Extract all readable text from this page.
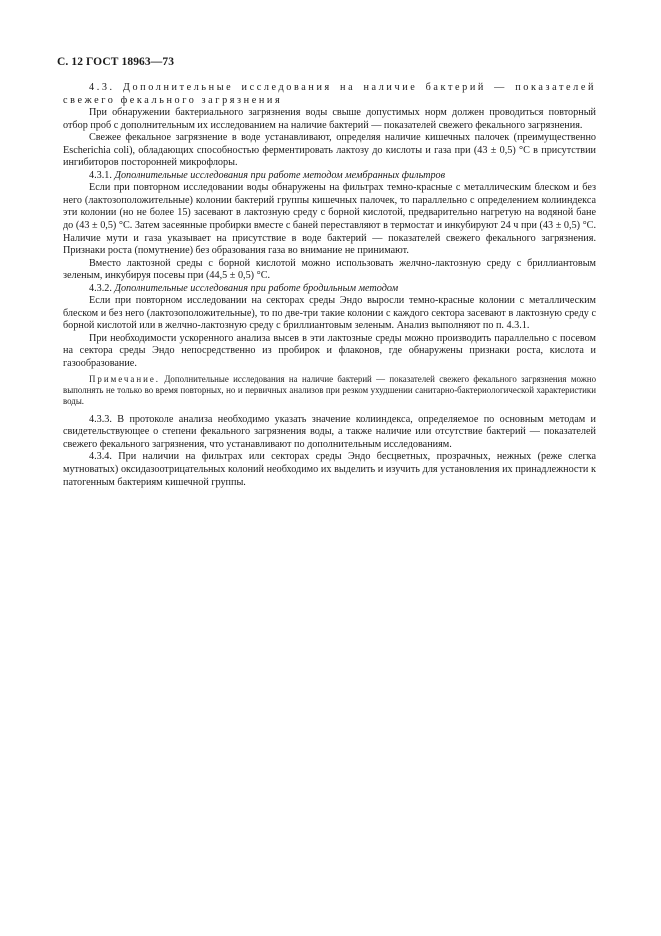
С. 12 ГОСТ 18963—73

4.3. Дополнительные исследования на наличие бактерий — показателей свежего фекального загрязнения

При обнаружении бактериального загрязнения воды свыше допустимых норм должен проводиться повторный отбор проб с дополнительным их исследованием на наличие бактерий — показателей свежего фекального загрязнения.

Свежее фекальное загрязнение в воде устанавливают, определяя наличие кишечных палочек (преимущественно Escherichia coli), обладающих способностью ферментировать лактозу до кислоты и газа при (43 ± 0,5) °С в присутствии ингибиторов посторонней микрофлоры.

4.3.1. Дополнительные исследования при работе методом мембранных фильтров

Если при повторном исследовании воды обнаружены на фильтрах темно-красные с металлическим блеском и без него (лактозоположительные) колонии бактерий группы кишечных палочек, то параллельно с определением колииндекса эти колонии (но не более 15) засевают в лактозную среду с борной кислотой, предварительно нагретую на водяной бане до (43 ± 0,5) °С. Затем засеянные пробирки вместе с баней переставляют в термостат и инкубируют 24 ч при (43 ± 0,5) °С. Наличие мути и газа указывает на присутствие в воде бактерий — показателей свежего фекального загрязнения. Признаки роста (помутнение) без образования газа во внимание не принимают.

Вместо лактозной среды с борной кислотой можно использовать желчно-лактозную среду с бриллиантовым зеленым, инкубируя посевы при (44,5 ± 0,5) °С.

4.3.2. Дополнительные исследования при работе бродильным методом

Если при повторном исследовании на секторах среды Эндо выросли темно-красные колонии с металлическим блеском и без него (лактозоположительные), то по две-три такие колонии с каждого сектора засевают в лактозную среду с борной кислотой или в желчно-лактозную среду с бриллиантовым зеленым. Анализ выполняют по п. 4.3.1.

При необходимости ускоренного анализа высев в эти лактозные среды можно производить параллельно с посевом на сектора среды Эндо непосредственно из пробирок и флаконов, где обнаружены признаки роста, кислота и газообразование.

Примечание. Дополнительные исследования на наличие бактерий — показателей свежего фекального загрязнения можно выполнять не только во время повторных, но и первичных анализов при резком ухудшении санитарно-бактериологической характеристики воды.

4.3.3. В протоколе анализа необходимо указать значение колииндекса, определяемое по основным методам и свидетельствующее о степени фекального загрязнения воды, а также наличие или отсутствие бактерий — показателей свежего фекального загрязнения, что устанавливают по дополнительным исследованиям.

4.3.4. При наличии на фильтрах или секторах среды Эндо бесцветных, прозрачных, нежных (реже слегка мутноватых) оксидазоотрицательных колоний необходимо их выделить и изучить для установления их принадлежности к патогенным бактериям кишечной группы.
